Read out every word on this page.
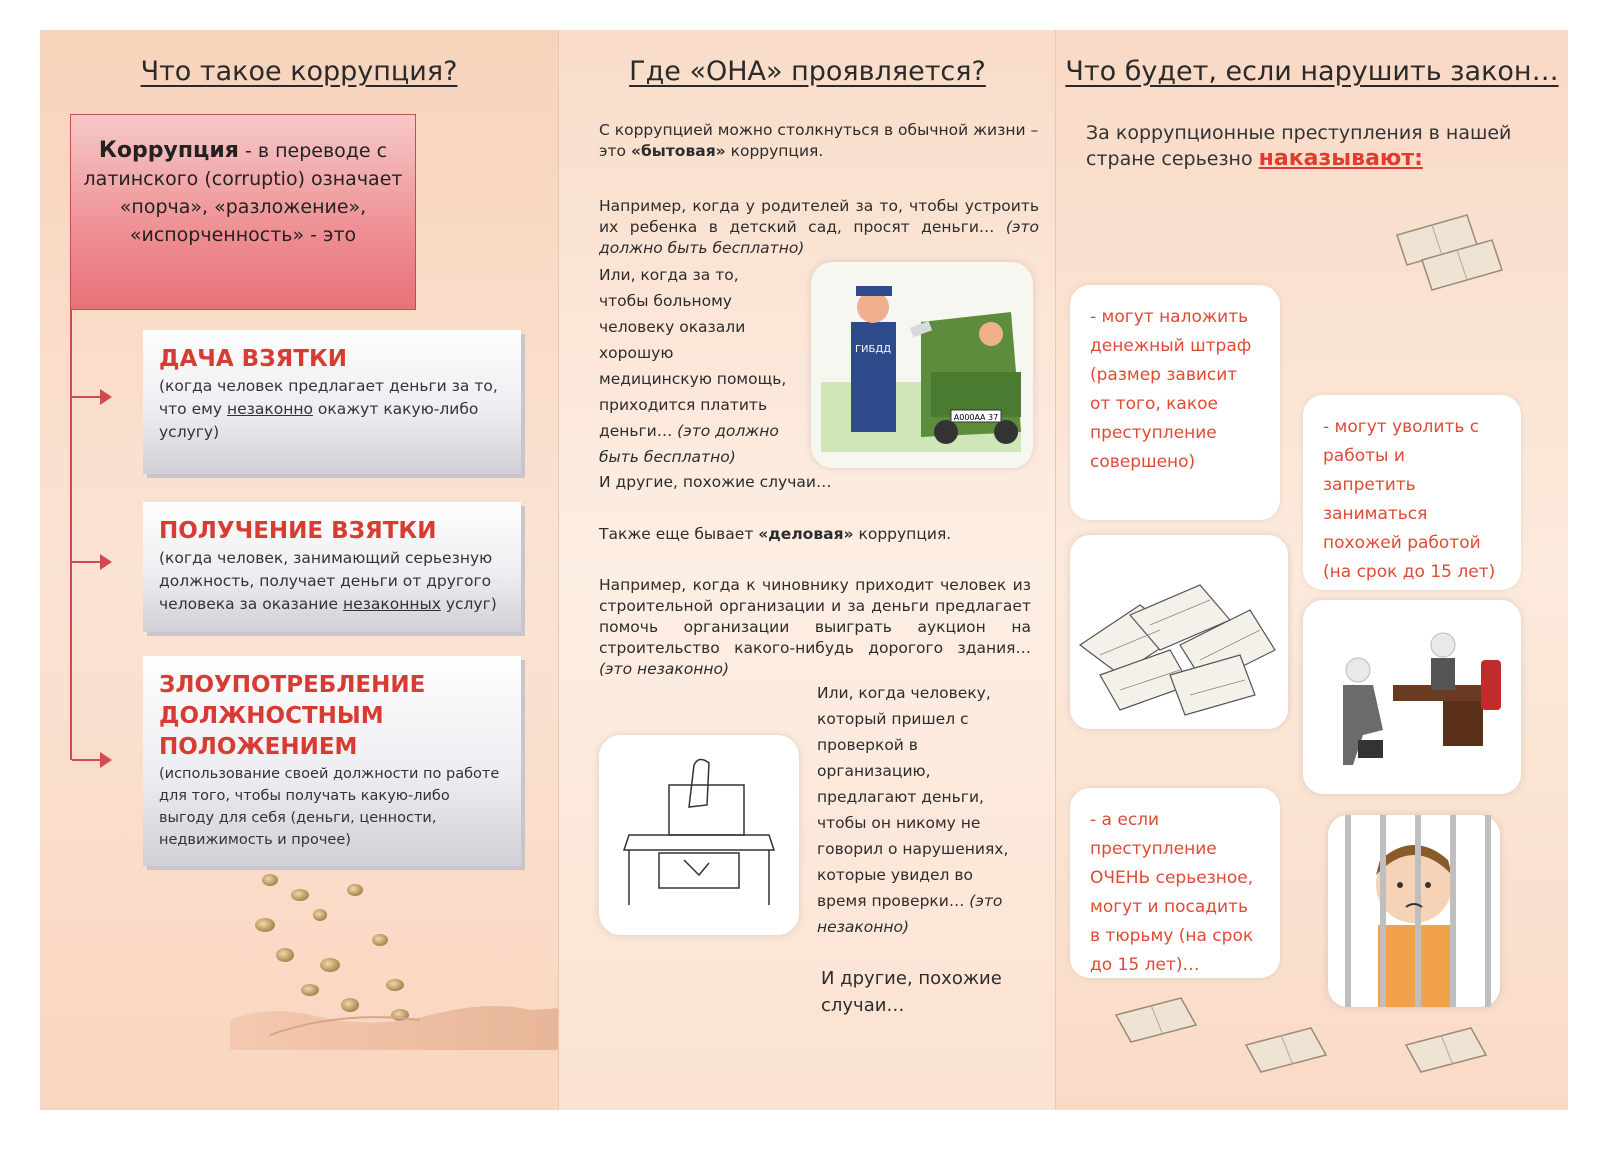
Что такое коррупция?
Коррупция - в переводе с латинского (corruptio) означает «порча», «разложение», «испорченность» - это
ДАЧА ВЗЯТКИ
(когда человек предлагает деньги за то, что ему незаконно окажут какую-либо услугу)
ПОЛУЧЕНИЕ ВЗЯТКИ
(когда человек, занимающий серьезную должность, получает деньги от другого человека за оказание незаконных услуг)
ЗЛОУПОТРЕБЛЕНИЕ ДОЛЖНОСТНЫМ ПОЛОЖЕНИЕМ
(использование своей должности по работе для того, чтобы получать какую-либо выгоду для себя (деньги, ценности, недвижимость и прочее)
Где «ОНА» проявляется?
С коррупцией можно столкнуться в обычной жизни – это «бытовая» коррупция.
Например, когда у родителей за то, чтобы устроить их ребенка в детский сад, просят деньги… (это должно быть бесплатно)
Или, когда за то, чтобы больному человеку оказали хорошую медицинскую помощь, приходится платить деньги… (это должно быть бесплатно)
А000АА 37
ГИБДД
И другие, похожие случаи…
Также еще бывает «деловая» коррупция.
Например, когда к чиновнику приходит человек из строительной организации и за деньги предлагает помочь организации выиграть аукцион на строительство какого-нибудь дорогого здания… (это незаконно)
Или, когда человеку, который пришел с проверкой в организацию, предлагают деньги, чтобы он никому не говорил о нарушениях, которые увидел во время проверки… (это незаконно)
И другие, похожие случаи…
Что будет, если нарушить закон…
За коррупционные преступления в нашей стране серьезно наказывают:
- могут наложить денежный штраф (размер зависит от того, какое преступление совершено)
- могут уволить с работы и запретить заниматься похожей работой (на срок до 15 лет)
- а если преступление ОЧЕНЬ серьезное, могут и посадить в тюрьму (на срок до 15 лет)…
